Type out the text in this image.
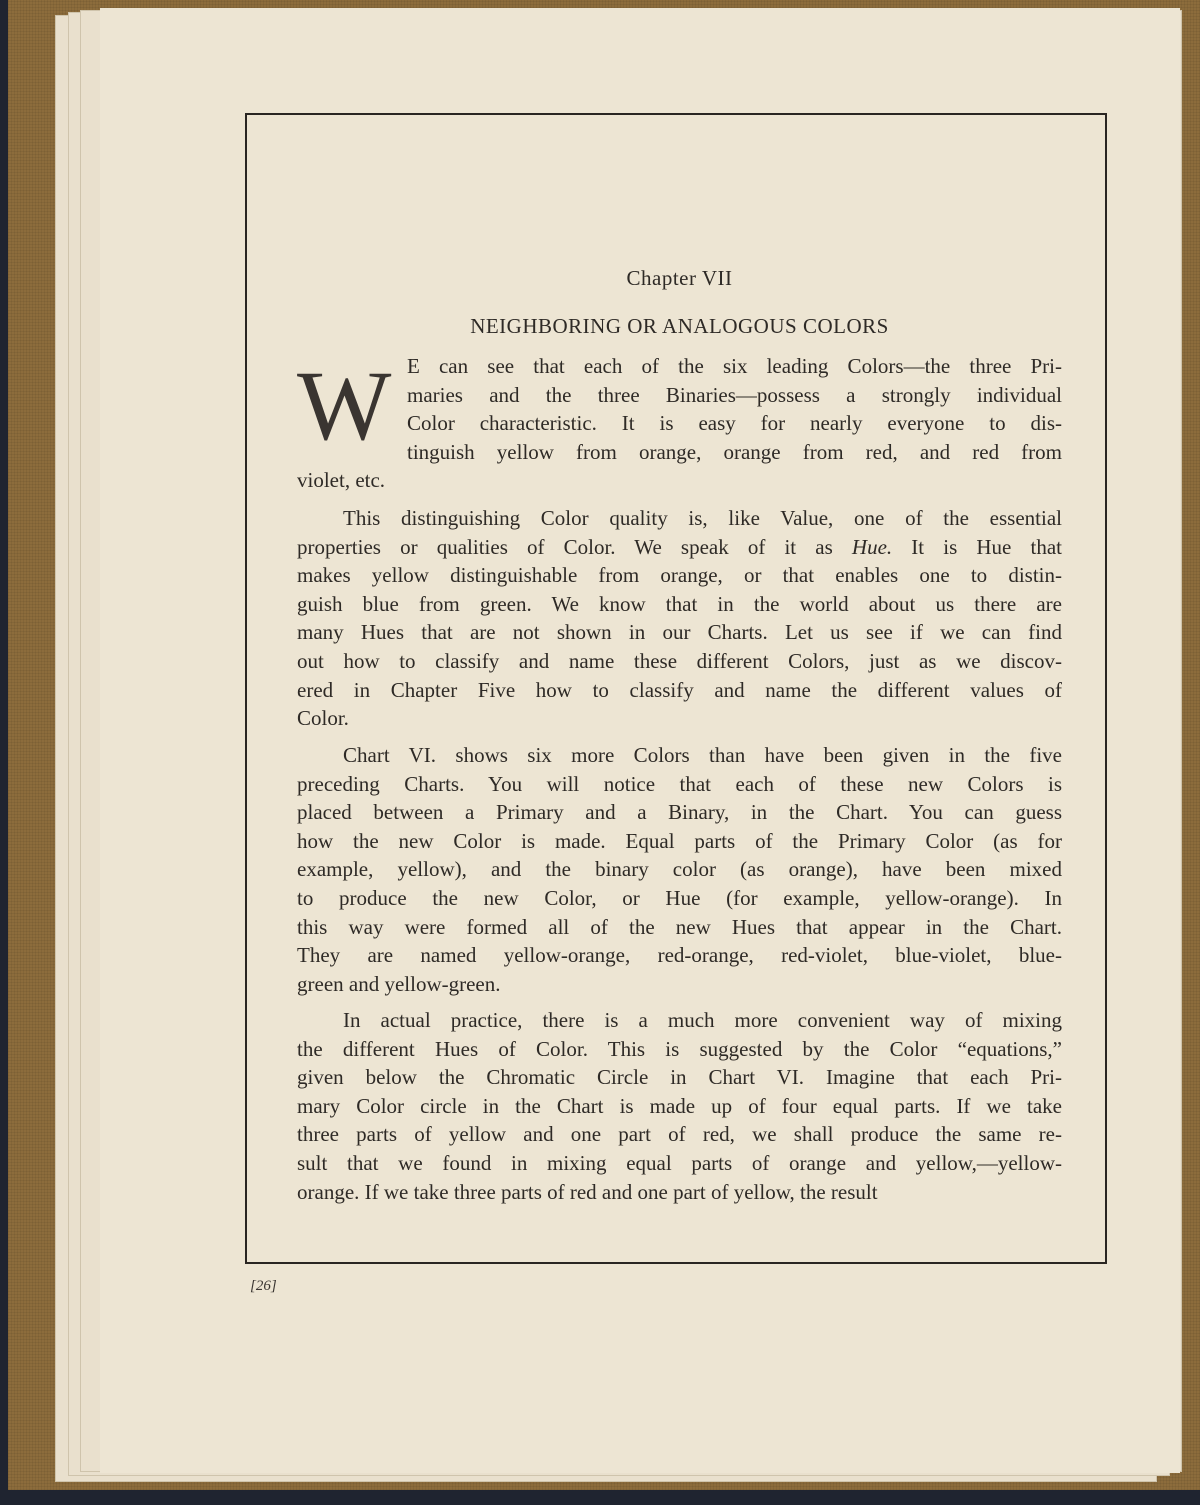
Chapter VII
NEIGHBORING OR ANALOGOUS COLORS
W E can see that each of the six leading Colors—the three Pri-
maries and the three Binaries—possess a strongly individual
Color characteristic. It is easy for nearly everyone to dis-
tinguish yellow from orange, orange from red, and red from
violet, etc.
This distinguishing Color quality is, like Value, one of the essential
properties or qualities of Color. We speak of it as Hue. It is Hue that
makes yellow distinguishable from orange, or that enables one to distin-
guish blue from green. We know that in the world about us there are
many Hues that are not shown in our Charts. Let us see if we can find
out how to classify and name these different Colors, just as we discov-
ered in Chapter Five how to classify and name the different values of
Color.
Chart VI. shows six more Colors than have been given in the five
preceding Charts. You will notice that each of these new Colors is
placed between a Primary and a Binary, in the Chart. You can guess
how the new Color is made. Equal parts of the Primary Color (as for
example, yellow), and the binary color (as orange), have been mixed
to produce the new Color, or Hue (for example, yellow-orange). In
this way were formed all of the new Hues that appear in the Chart.
They are named yellow-orange, red-orange, red-violet, blue-violet, blue-
green and yellow-green.
In actual practice, there is a much more convenient way of mixing
the different Hues of Color. This is suggested by the Color “equations,”
given below the Chromatic Circle in Chart VI. Imagine that each Pri-
mary Color circle in the Chart is made up of four equal parts. If we take
three parts of yellow and one part of red, we shall produce the same re-
sult that we found in mixing equal parts of orange and yellow,—yellow-
orange. If we take three parts of red and one part of yellow, the result
[26]
